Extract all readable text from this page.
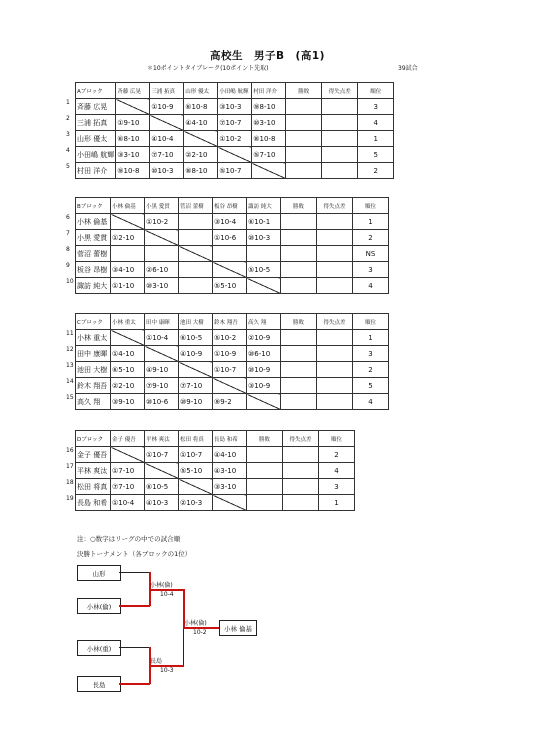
高校生　男子B　(高1)
＊10ポイントタイブレーク(10ポイント先取)	39試合
Aブロック	斉藤 広晃	三浦 拓真	山形 優太	小田嶋 航輝	村田 洋介	勝敗	得失点差	順位
斉藤 広晃		①10-9	⑥10-8	③10-3	⑨8-10			3
三浦 拓真	①9-10		④4-10	⑦10-7	⑩3-10			4
山形 優太	⑥8-10	④10-4		①10-2	⑧10-8			1
小田嶋 航輝	③3-10	⑦7-10	②2-10		⑤7-10			5
村田 洋介	⑨10-8	⑩10-3	⑧8-10	⑤10-7				2
1
2
3
4
5
Bブロック	小林 倫基	小黒 愛貫	菅沼 蕾樹	板谷 昂樹	諏訪 純大	勝敗	得失点差	順位
小林 倫基		①10-2		③10-4	⑥10-1			1
小黒 愛貫	①2-10			①10-6	⑩10-3			2
菅沼 蕾樹								NS
板谷 昂樹	③4-10	②6-10			⑤10-5			3
諏訪 純大	①1-10	⑩3-10		⑤5-10				4
6
7
8
9
10
Cブロック	小林 重太	田中 康暉	池田 大樹	鈴木 翔吾	高久 翔	勝敗	得失点差	順位
小林 重太		①10-4	⑥10-5	⑤10-2	②10-9			1
田中 康暉	①4-10		④10-9	①10-9	⑩6-10			3
池田 大樹	⑥5-10	④9-10		①10-7	⑩10-9			2
鈴木 翔吾	②2-10	⑦9-10	⑦7-10		③10-9			5
高久 翔	③9-10	⑩10-6	⑩9-10	⑨9-2				4
11
12
13
14
15
Dブロック	金子 優吾	平林 爽汰	松田 将真	長島 和希	勝敗	得失点差	順位
金子 優吾		①10-7	①10-7	④4-10			2
平林 爽汰	①7-10		⑤5-10	④3-10			4
松田 将真	⑦7-10	⑥10-5		③3-10			3
長島 和希	①10-4	④10-3	②10-3				1
16
17
18
19
注：○数字はリーグの中での試合順
決勝トーナメント（各ブロックの1位）
山形
小林(倫)
小林(重)
長島
小林(倫)
10-4
長島
10-3
小林(倫)
10-2	小林 倫基
